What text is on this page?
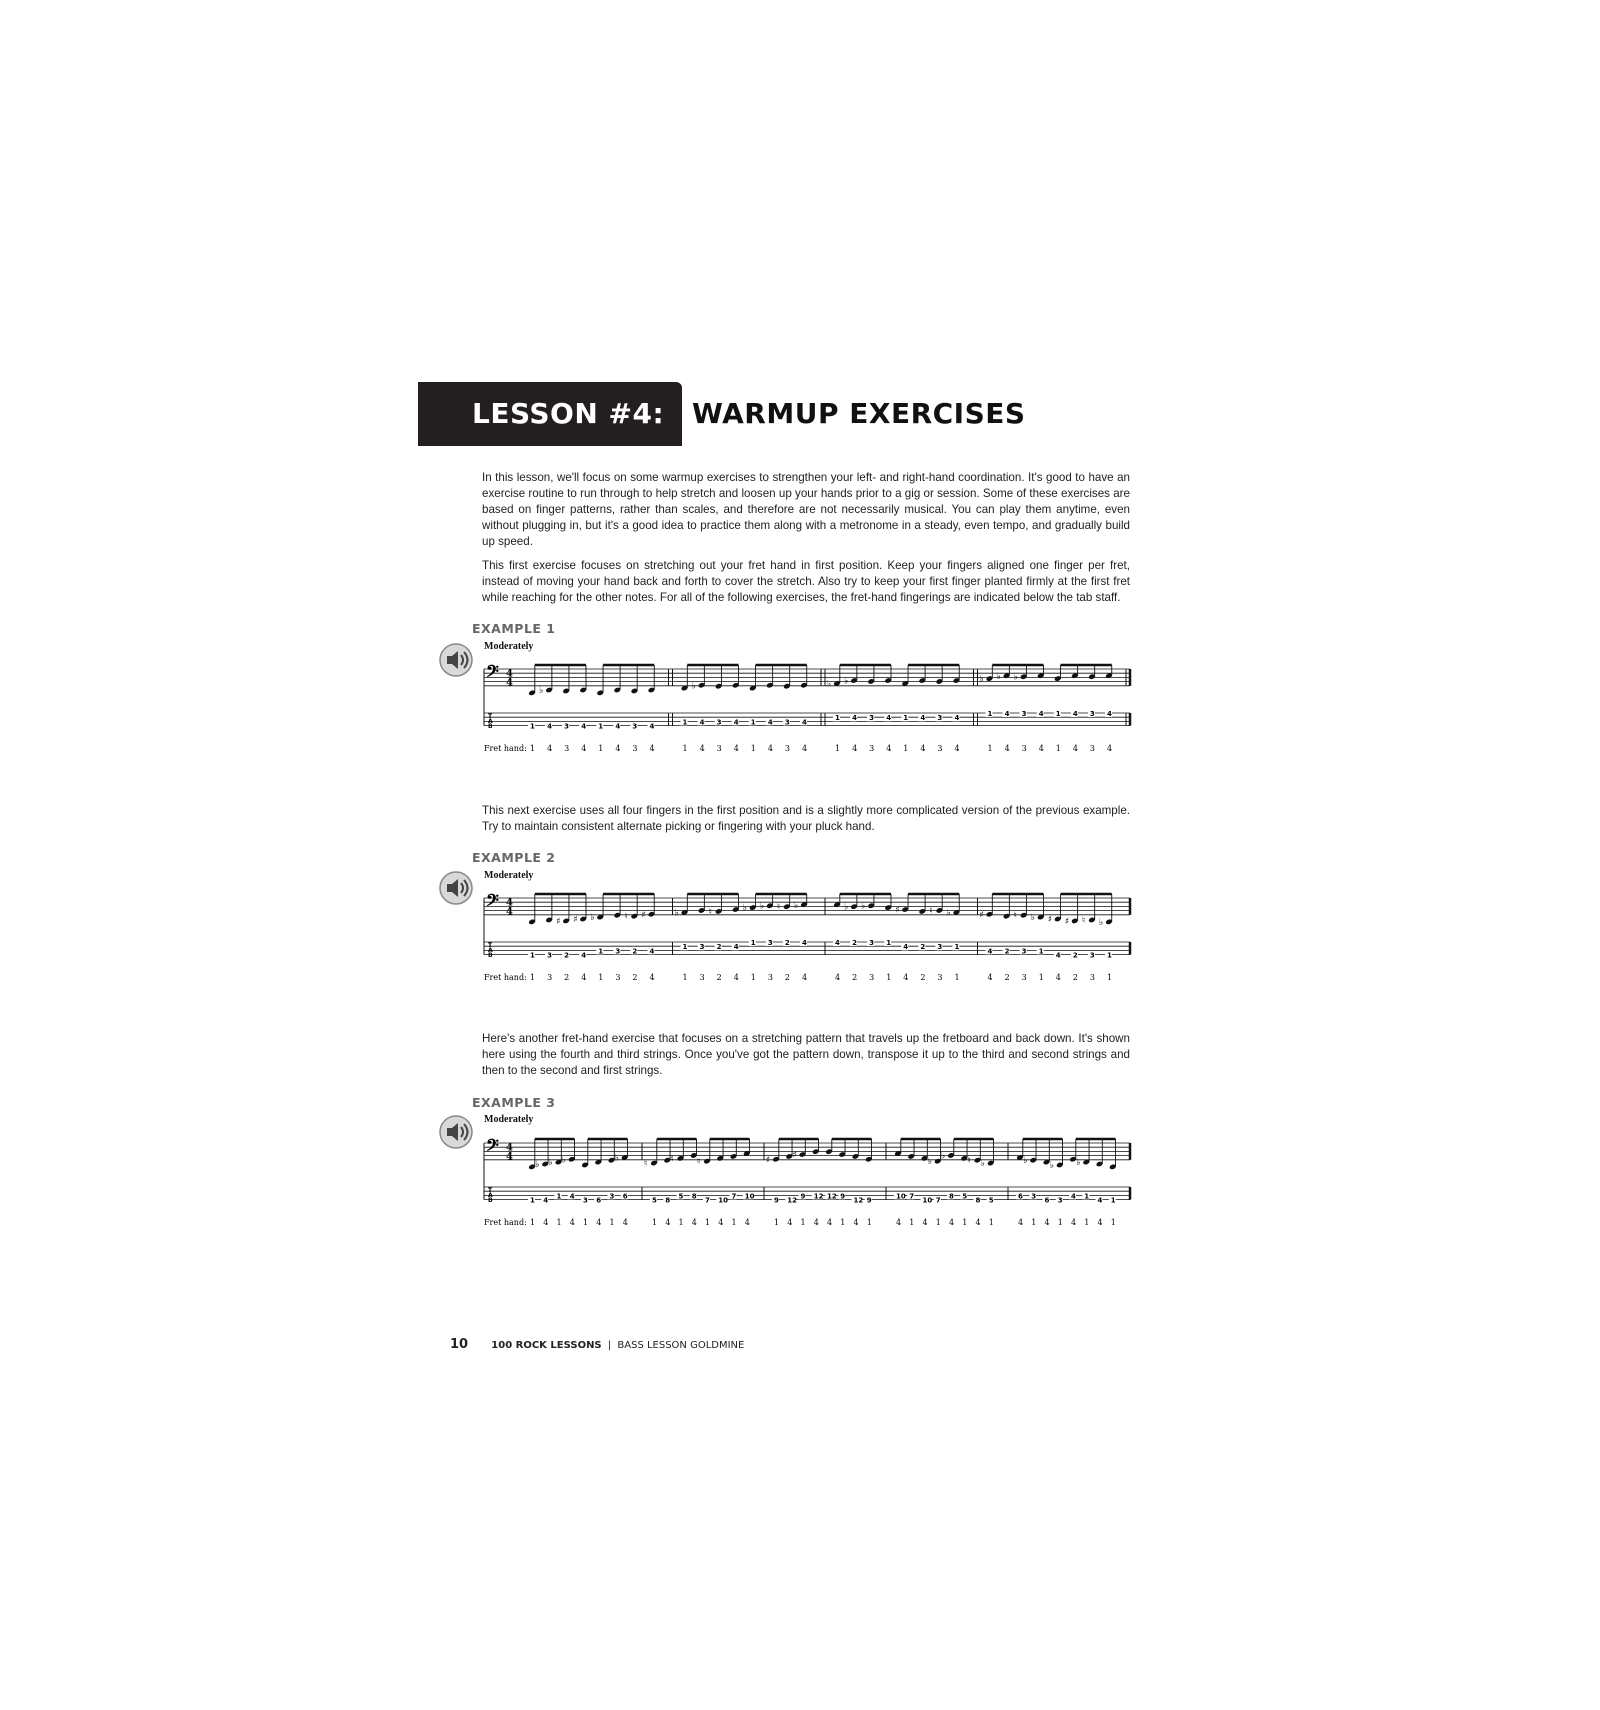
LESSON #4: WARMUP EXERCISES

In this lesson, we'll focus on some warmup exercises to strengthen your left- and right-hand coordination. It's good to have an exercise routine to run through to help stretch and loosen up your hands prior to a gig or session. Some of these exercises are based on finger patterns, rather than scales, and therefore are not necessarily musical. You can play them anytime, even without plugging in, but it's a good idea to practice them along with a metronome in a steady, even tempo, and gradually build up speed.

This first exercise focuses on stretching out your fret hand in first position. Keep your fingers aligned one finger per fret, instead of moving your hand back and forth to cover the stretch. Also try to keep your first finger planted firmly at the first fret while reaching for the other notes. For all of the following exercises, the fret-hand fingerings are indicated below the tab staff.

EXAMPLE 1
Moderately
𝄢 4
4
T
A
B
Fret hand:
1
♭
4 3 4 1 4 3 4
1 4 3 4 1 4 3 4
1
♭
4 3 4 1 4 3 4
1 4 3 4 1 4 3 4
♭
1
♭
4 3 4 1 4 3 4
1 4 3 4 1 4 3 4
♭
1
♭
4
♭
3 4 1 4 3 4
1 4 3 4 1 4 3 4

This next exercise uses all four fingers in the first position and is a slightly more complicated version of the previous example. Try to maintain consistent alternate picking or fingering with your pluck hand.

EXAMPLE 2
Moderately
𝄢 4
4
T
A
B
Fret hand:
1 3
♯
2
♯
4
♭
1 3
♮
2
♯
4
1 3 2 4 1 3 2 4
♭
1 3
♮
2 4
♭
1
♭
3
♮
2
♭
4
1 3 2 4 1 3 2 4
4
♭
2
♭
3 1
♯
4 2
♮
3
♭
1
4 2 3 1 4 2 3 1
♯
4 2
♮
3
♭
1
♯
4
♯
2
♮
3
♭
1
4 2 3 1 4 2 3 1

Here's another fret-hand exercise that focuses on a stretching pattern that travels up the fretboard and back down. It's shown here using the fourth and third strings. Once you've got the pattern down, transpose it up to the third and second strings and then to the second and first strings.

EXAMPLE 3
Moderately
𝄢 4
4
T
A
B
Fret hand:
1
♭
4
♭
1
♭
4
3 6
3
♭
6
1 4 1 4 1 4 1 4
♮
5 8
♮
5 8
♮
7 10
7 10
1 4 1 4 1 4 1 4
♯
9 12
♯
9 12 12 9
12 9
1 4 1 4 4 1 4 1
10 7
10
♭
7
♭
8 5
♮
8
♭
5
4 1 4 1 4 1 4 1
6
♭
3
6
♭
3
4
♭
1
4 1
4 1 4 1 4 1 4 1
10 100 ROCK LESSONS | BASS LESSON GOLDMINE
